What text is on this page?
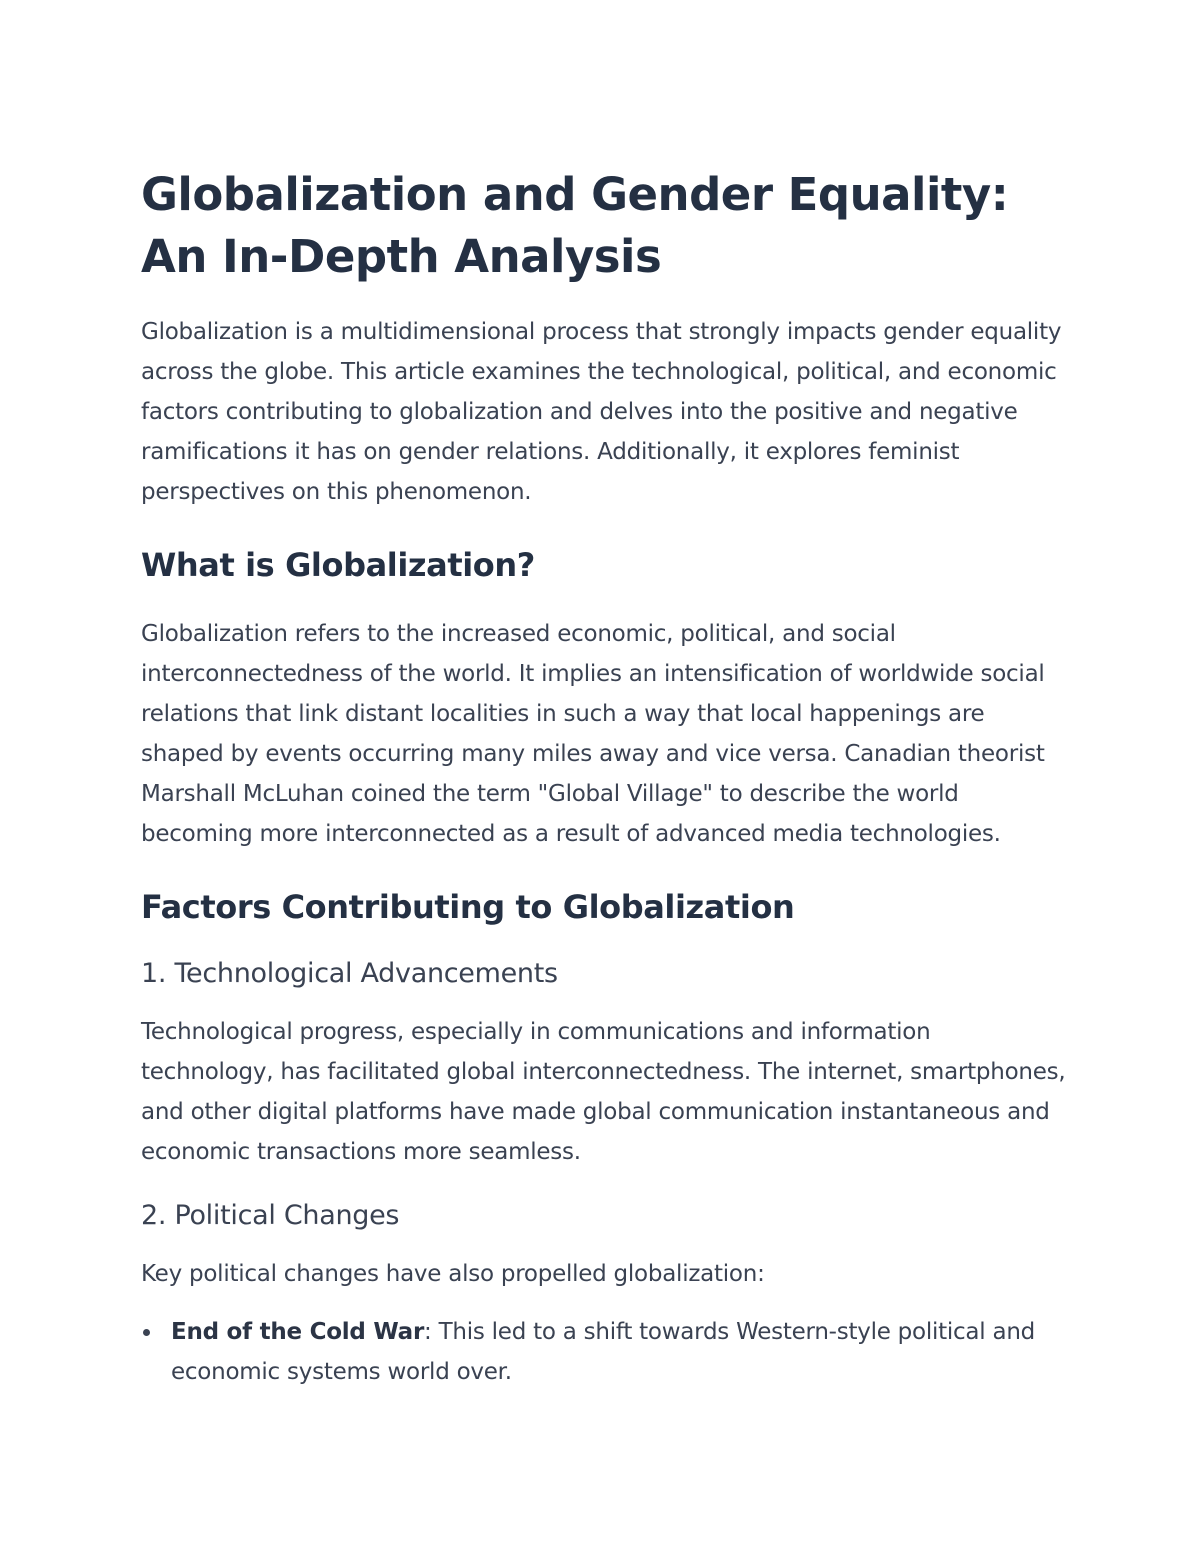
Globalization and Gender Equality: An In-Depth Analysis

Globalization is a multidimensional process that strongly impacts gender equality across the globe. This article examines the technological, political, and economic factors contributing to globalization and delves into the positive and negative ramifications it has on gender relations. Additionally, it explores feminist perspectives on this phenomenon.

What is Globalization?

Globalization refers to the increased economic, political, and social interconnectedness of the world. It implies an intensification of worldwide social relations that link distant localities in such a way that local happenings are shaped by events occurring many miles away and vice versa. Canadian theorist Marshall McLuhan coined the term "Global Village" to describe the world becoming more interconnected as a result of advanced media technologies.

Factors Contributing to Globalization
1. Technological Advancements

Technological progress, especially in communications and information technology, has facilitated global interconnectedness. The internet, smartphones, and other digital platforms have made global communication instantaneous and economic transactions more seamless.

2. Political Changes

Key political changes have also propelled globalization:

End of the Cold War: This led to a shift towards Western-style political and economic systems world over.
